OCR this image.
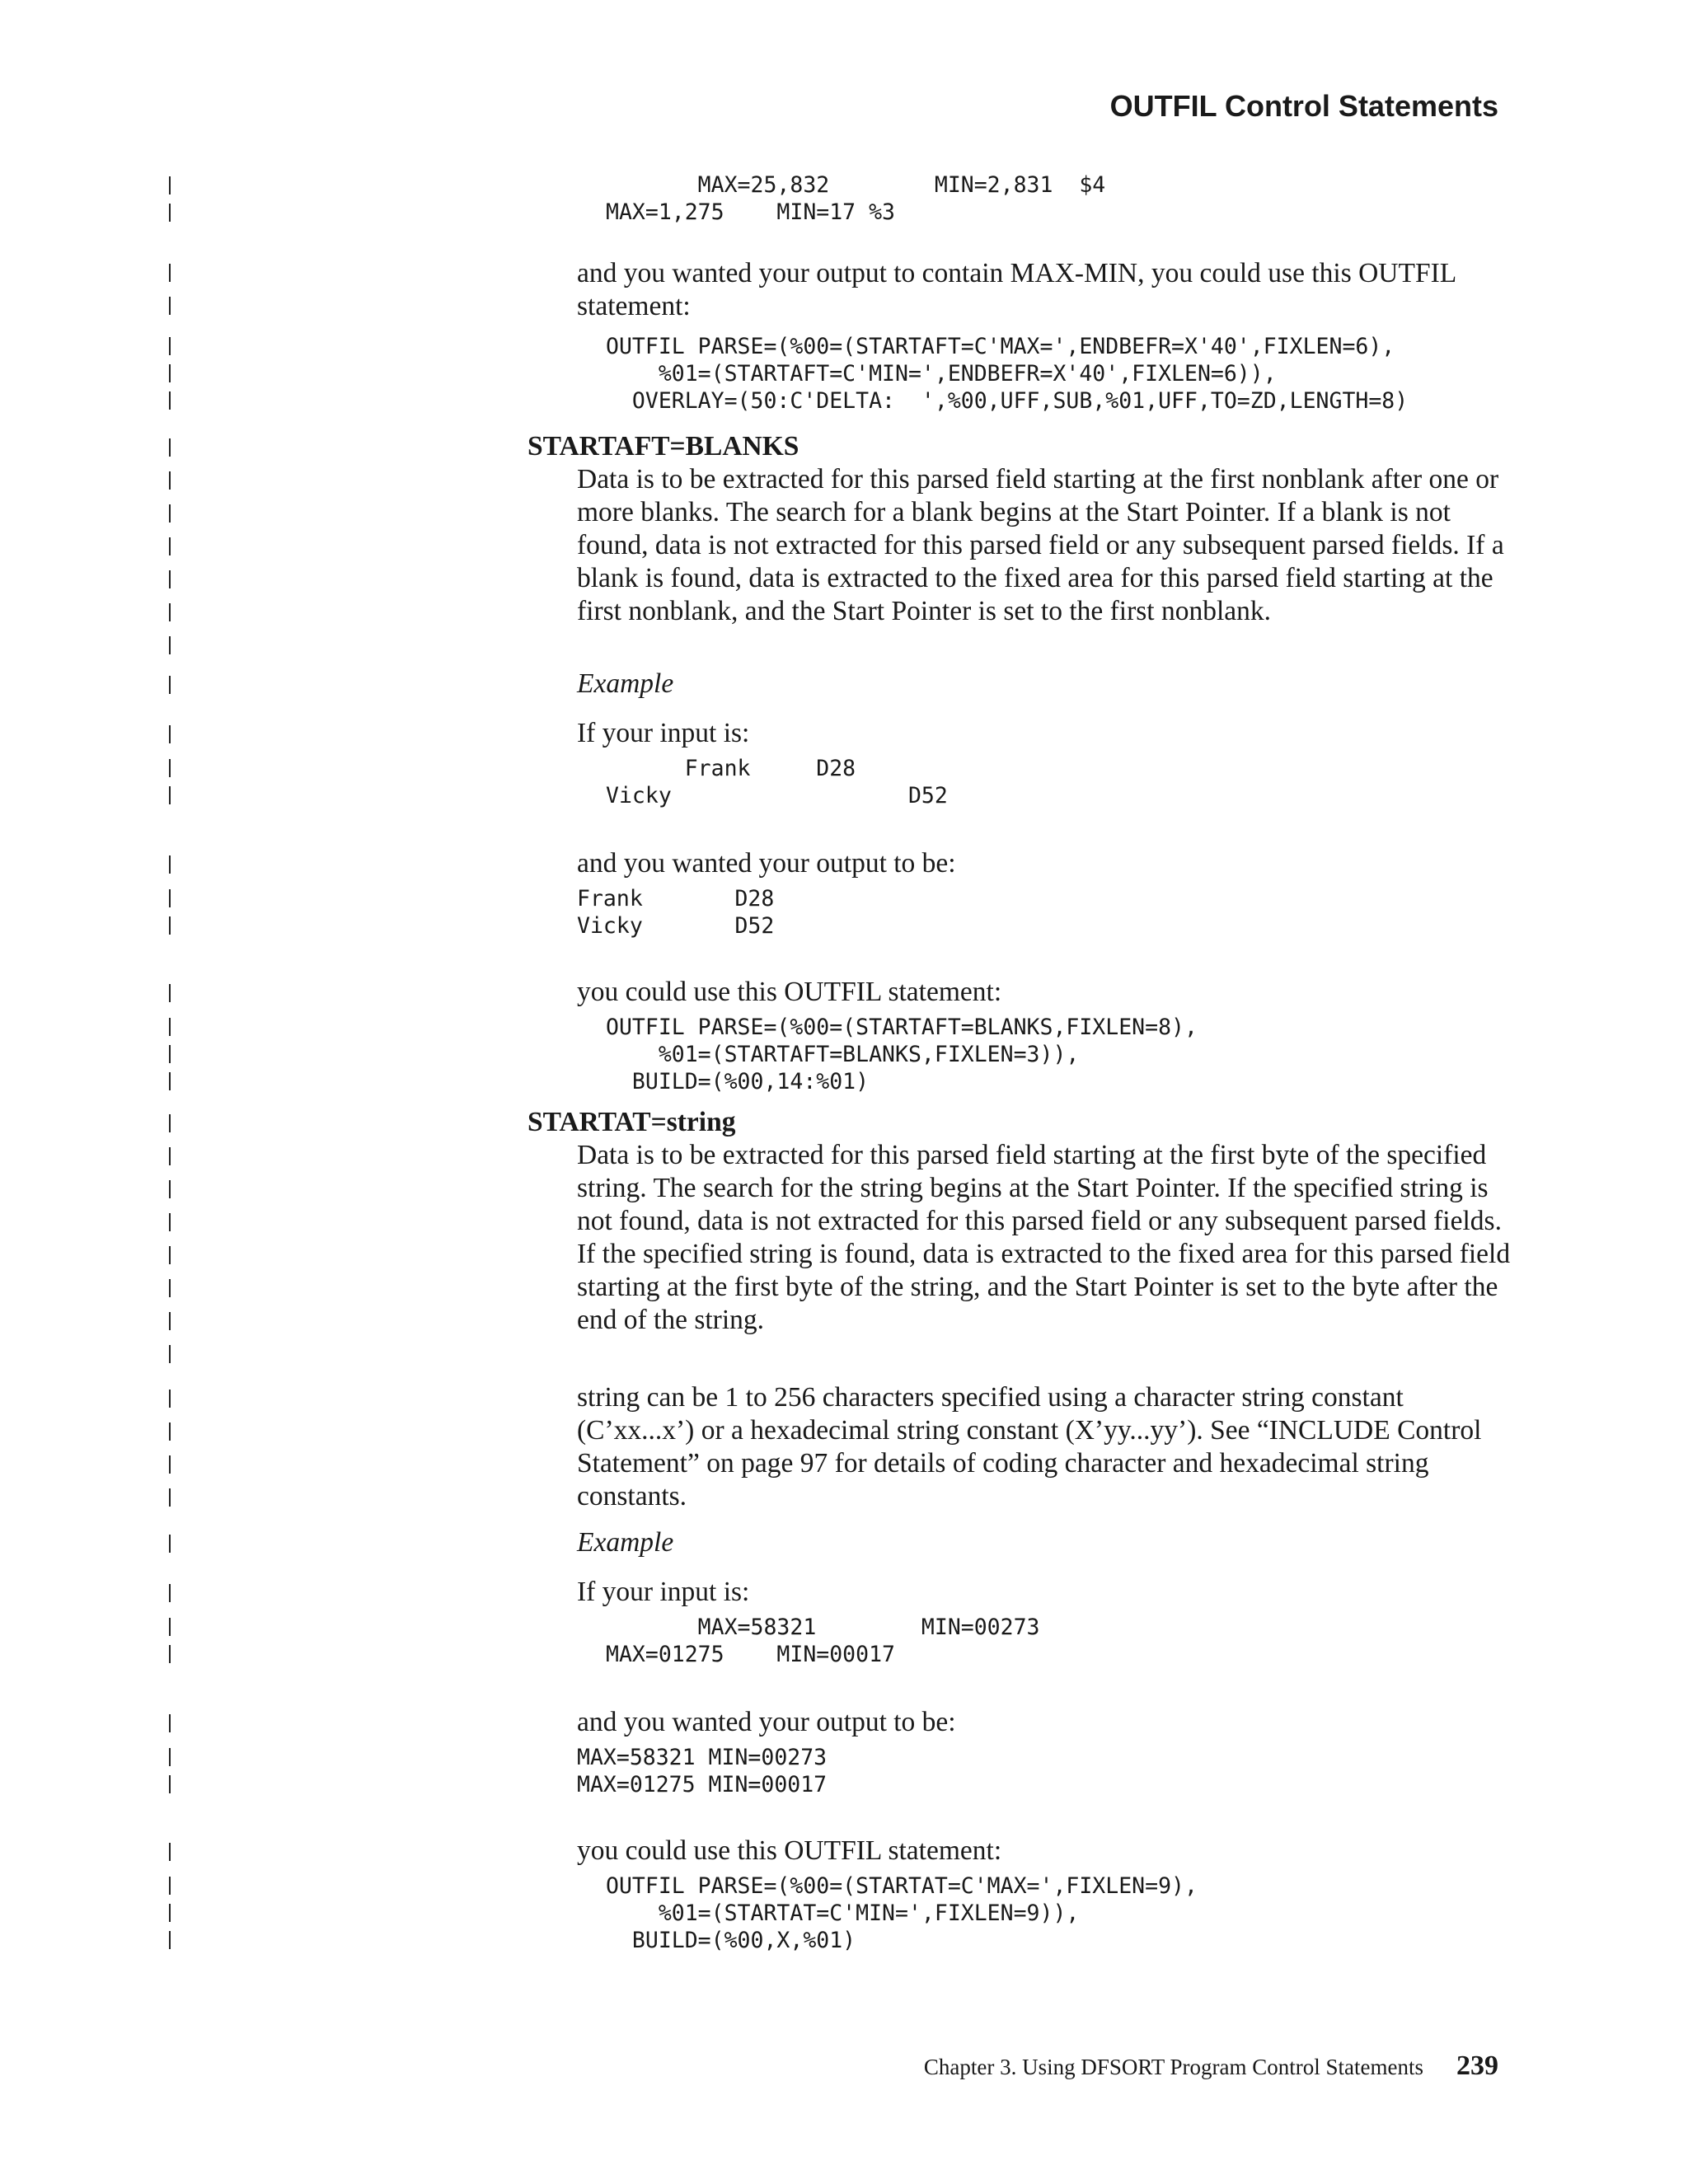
OUTFIL Control Statements
MAX=25,832        MIN=2,831  $4
MAX=1,275    MIN=17 %3

and you wanted your output to contain MAX-MIN, you could use this OUTFIL statement:

OUTFIL PARSE=(%00=(STARTAFT=C'MAX=',ENDBEFR=X'40',FIXLEN=6),
%01=(STARTAFT=C'MIN=',ENDBEFR=X'40',FIXLEN=6)),
OVERLAY=(50:C'DELTA:  ',%00,UFF,SUB,%01,UFF,TO=ZD,LENGTH=8)

STARTAFT=BLANKS

Data is to be extracted for this parsed field starting at the first nonblank after one or more blanks. The search for a blank begins at the Start Pointer. If a blank is not found, data is not extracted for this parsed field or any subsequent parsed fields. If a blank is found, data is extracted to the fixed area for this parsed field starting at the first nonblank, and the Start Pointer is set to the first nonblank.

Example

If your input is:

Frank     D28
Vicky                  D52

and you wanted your output to be:

Frank       D28
Vicky       D52

you could use this OUTFIL statement:

OUTFIL PARSE=(%00=(STARTAFT=BLANKS,FIXLEN=8),
%01=(STARTAFT=BLANKS,FIXLEN=3)),
BUILD=(%00,14:%01)

STARTAT=string

Data is to be extracted for this parsed field starting at the first byte of the specified string. The search for the string begins at the Start Pointer. If the specified string is not found, data is not extracted for this parsed field or any subsequent parsed fields. If the specified string is found, data is extracted to the fixed area for this parsed field starting at the first byte of the string, and the Start Pointer is set to the byte after the end of the string.

string can be 1 to 256 characters specified using a character string constant (C’xx...x’) or a hexadecimal string constant (X’yy...yy’). See “INCLUDE Control Statement” on page 97 for details of coding character and hexadecimal string constants.

Example

If your input is:

MAX=58321        MIN=00273
MAX=01275    MIN=00017

and you wanted your output to be:

MAX=58321 MIN=00273
MAX=01275 MIN=00017

you could use this OUTFIL statement:

OUTFIL PARSE=(%00=(STARTAT=C'MAX=',FIXLEN=9),
%01=(STARTAT=C'MIN=',FIXLEN=9)),
BUILD=(%00,X,%01)
Chapter 3. Using DFSORT Program Control Statements 239
